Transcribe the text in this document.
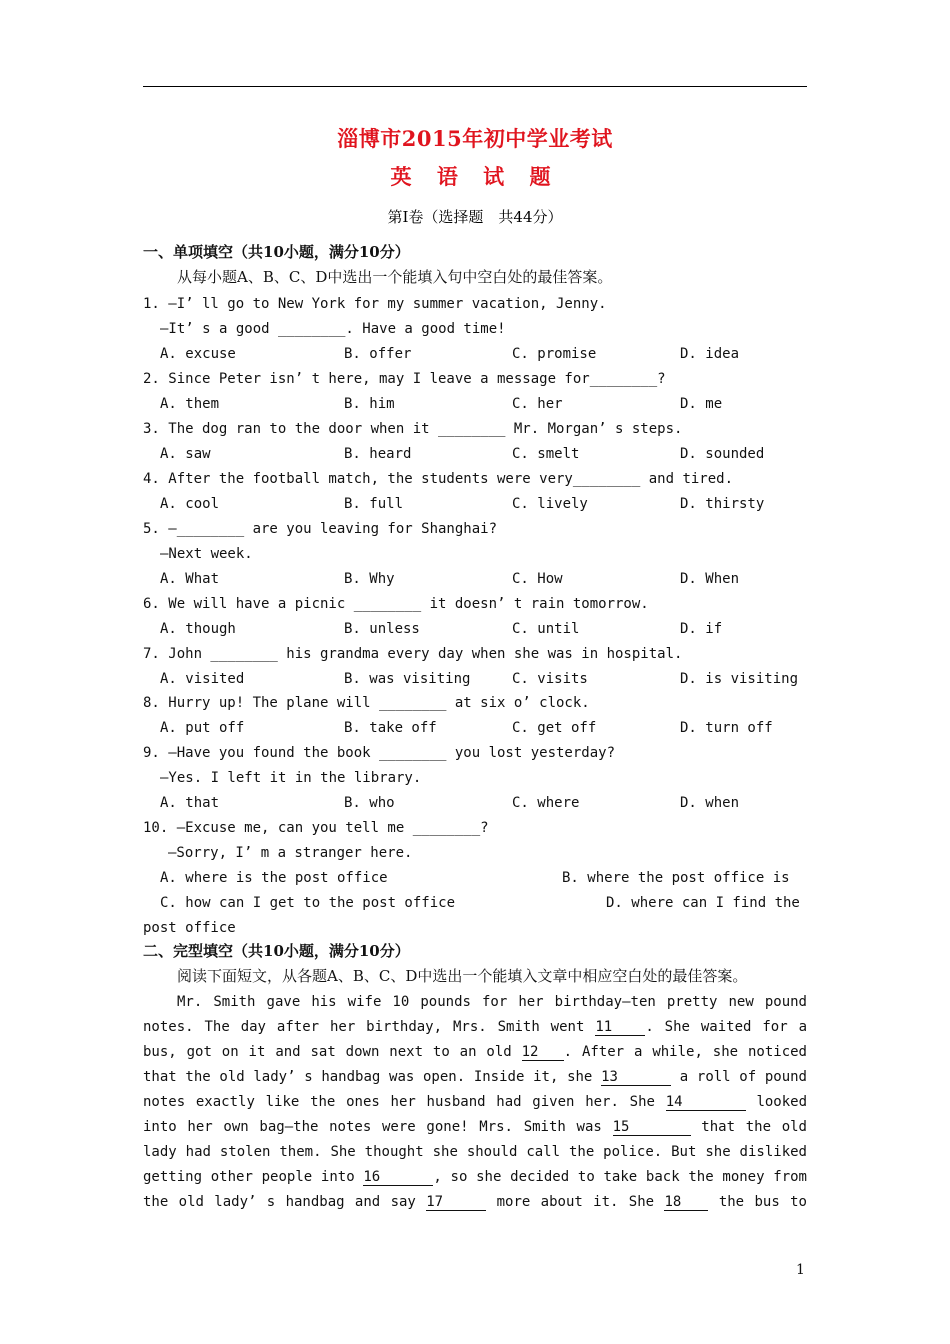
淄博市2015年初中学业考试
英 语 试 题
第Ⅰ卷（选择题　共44分）
一、单项填空（共10小题，满分10分）
从每小题A、B、C、D中选出一个能填入句中空白处的最佳答案。
1. —I’ ll go to New York for my summer vacation, Jenny.
—It’ s a good ________. Have a good time!
A. excuse	B. offer	C. promise	D. idea
2. Since Peter isn’ t here, may I leave a message for________?
A. them	B. him	C. her	D. me
3. The dog ran to the door when it ________ Mr. Morgan’ s steps.
A. saw	B. heard	C. smelt	D. sounded
4. After the football match, the students were very________ and tired.
A. cool	B. full	C. lively	D. thirsty
5. —________ are you leaving for Shanghai?
—Next week.
A. What	B. Why	C. How	D. When
6. We will have a picnic ________ it doesn’ t rain tomorrow.
A. though	B. unless	C. until	D. if
7. John ________ his grandma every day when she was in hospital.
A. visited	B. was visiting	C. visits	D. is visiting
8. Hurry up! The plane will ________ at six o’ clock.
A. put off	B. take off	C. get off	D. turn off
9. —Have you found the book ________ you lost yesterday?
—Yes. I left it in the library.
A. that	B. who	C. where	D. when
10. —Excuse me, can you tell me ________?
—Sorry, I’ m a stranger here.
A. where is the post office	B. where the post office is
C. how can I get to the post office	D. where can I find the
post office
二、完型填空（共10小题，满分10分）
阅读下面短文，从各题A、B、C、D中选出一个能填入文章中相应空白处的最佳答案。
Mr. Smith gave his wife 10 pounds for her birthday—ten pretty new pound
notes. The day after her birthday, Mrs. Smith went 11 . She waited for a
bus, got on it and sat down next to an old 12 . After a while, she noticed
that the old lady’ s handbag was open. Inside it, she 13	a roll of pound
notes exactly like the ones her husband had given her. She 14	looked
into her own bag—the notes were gone! Mrs. Smith was 15	that the old
lady had stolen them. She thought she should call the police. But she disliked
getting other people into 16	, so she decided to take back the money from
the old lady’ s handbag and say 17	more about it. She 18	the bus to
1
